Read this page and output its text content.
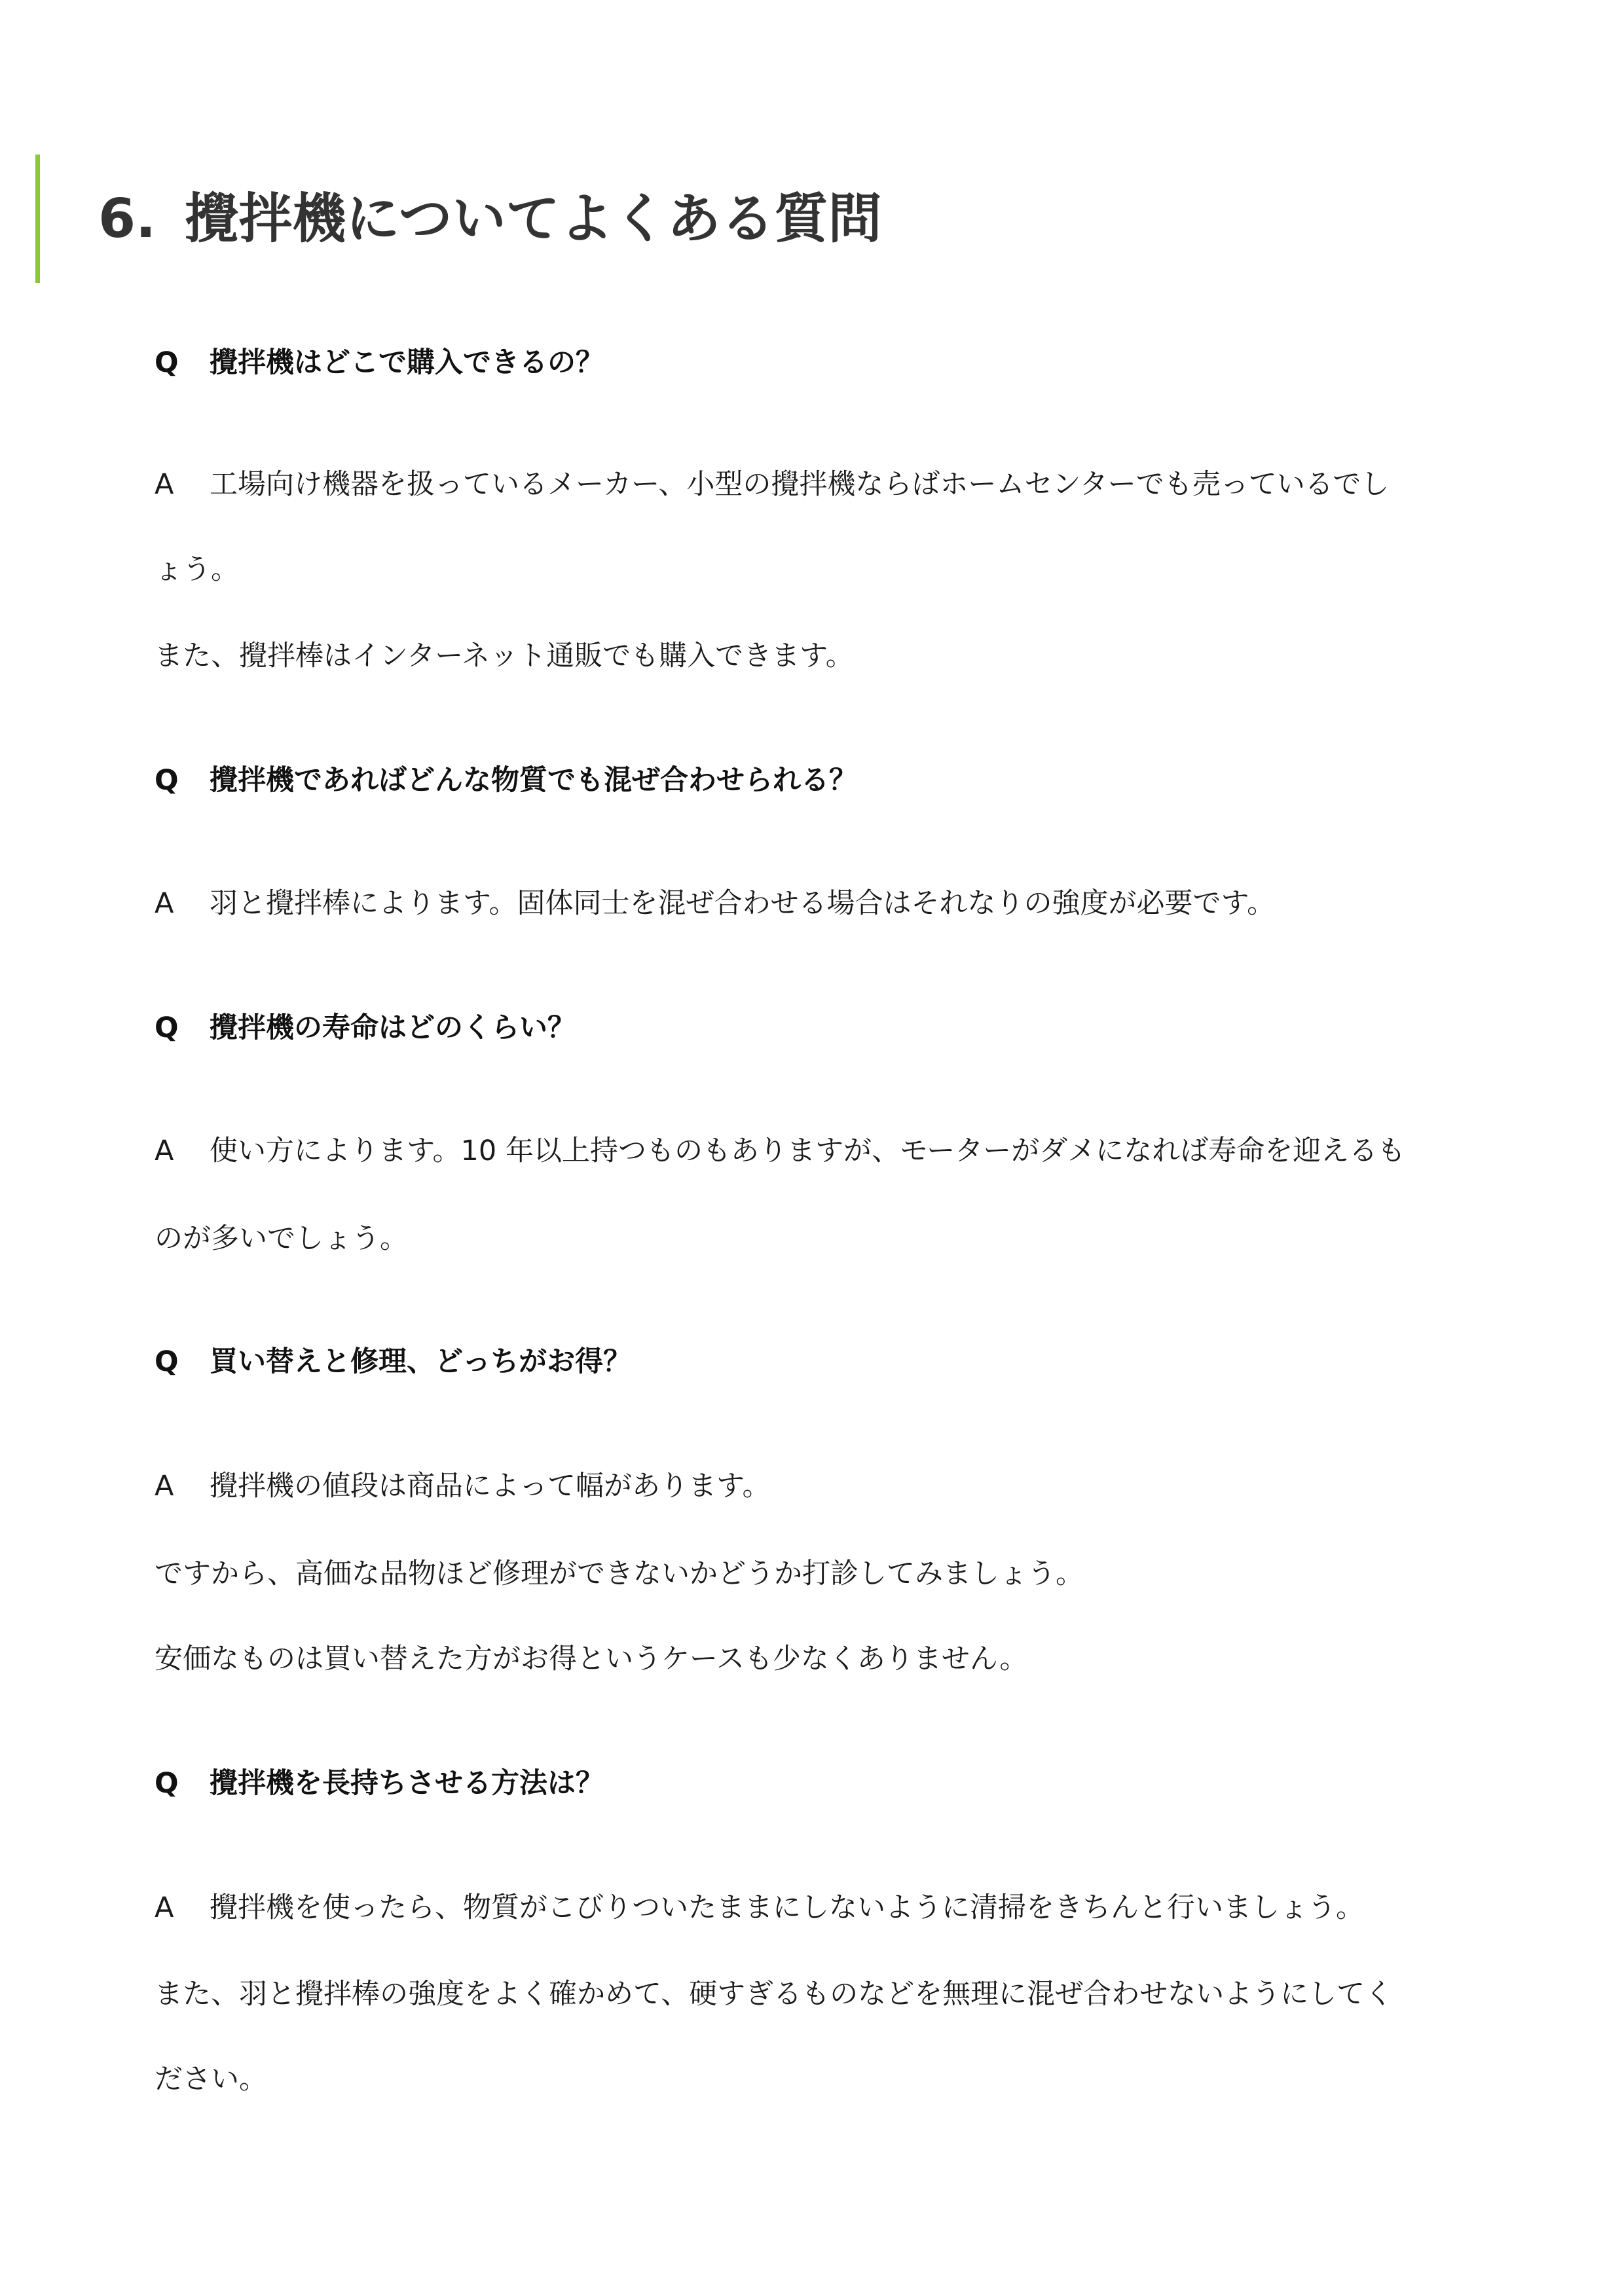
6. 攪拌機についてよくある質問

Q 攪拌機はどこで購入できるの？

A 工場向け機器を扱っているメーカー、小型の攪拌機ならばホームセンターでも売っているでし

ょう。

また、攪拌棒はインターネット通販でも購入できます。

Q 攪拌機であればどんな物質でも混ぜ合わせられる？

A 羽と攪拌棒によります。固体同士を混ぜ合わせる場合はそれなりの強度が必要です。

Q 攪拌機の寿命はどのくらい？

A 使い方によります。10 年以上持つものもありますが、モーターがダメになれば寿命を迎えるも

のが多いでしょう。

Q 買い替えと修理、どっちがお得？

A 攪拌機の値段は商品によって幅があります。

ですから、高価な品物ほど修理ができないかどうか打診してみましょう。

安価なものは買い替えた方がお得というケースも少なくありません。

Q 攪拌機を長持ちさせる方法は？

A 攪拌機を使ったら、物質がこびりついたままにしないように清掃をきちんと行いましょう。

また、羽と攪拌棒の強度をよく確かめて、硬すぎるものなどを無理に混ぜ合わせないようにしてく

ださい。
